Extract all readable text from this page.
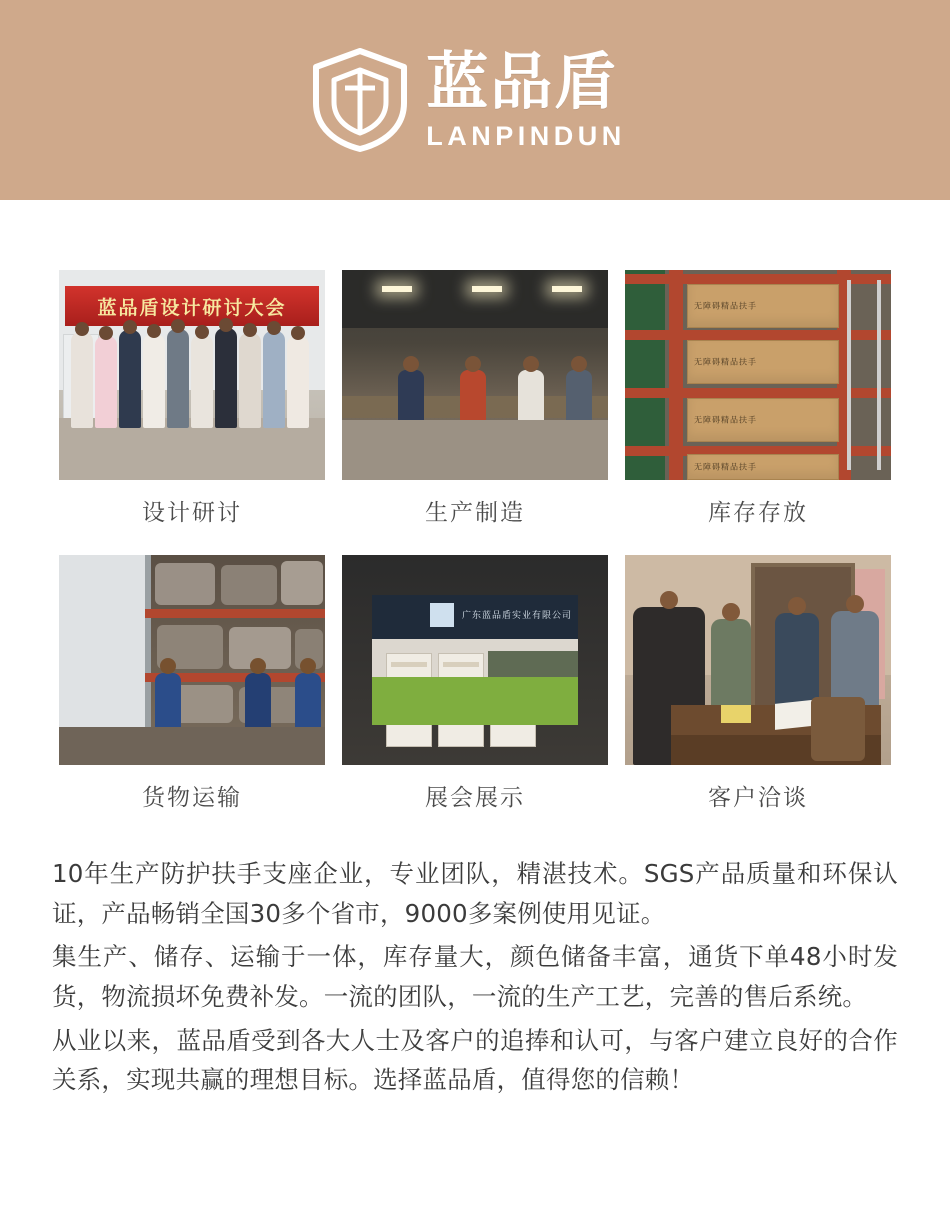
蓝品盾
LANPINDUN
蓝品盾设计研讨大会
设计研讨	生产制造
无障碍精品扶手
无障碍精品扶手
无障碍精品扶手
无障碍精品扶手
库存存放
货物运输
广东蓝品盾实业有限公司
展会展示	客户洽谈

10年生产防护扶手支座企业，专业团队，精湛技术。SGS产品质量和环保认证，产品畅销全国30多个省市，9000多案例使用见证。

集生产、储存、运输于一体，库存量大，颜色储备丰富，通货下单48小时发货，物流损坏免费补发。一流的团队，一流的生产工艺，完善的售后系统。

从业以来，蓝品盾受到各大人士及客户的追捧和认可，与客户建立良好的合作关系，实现共赢的理想目标。选择蓝品盾，值得您的信赖！
